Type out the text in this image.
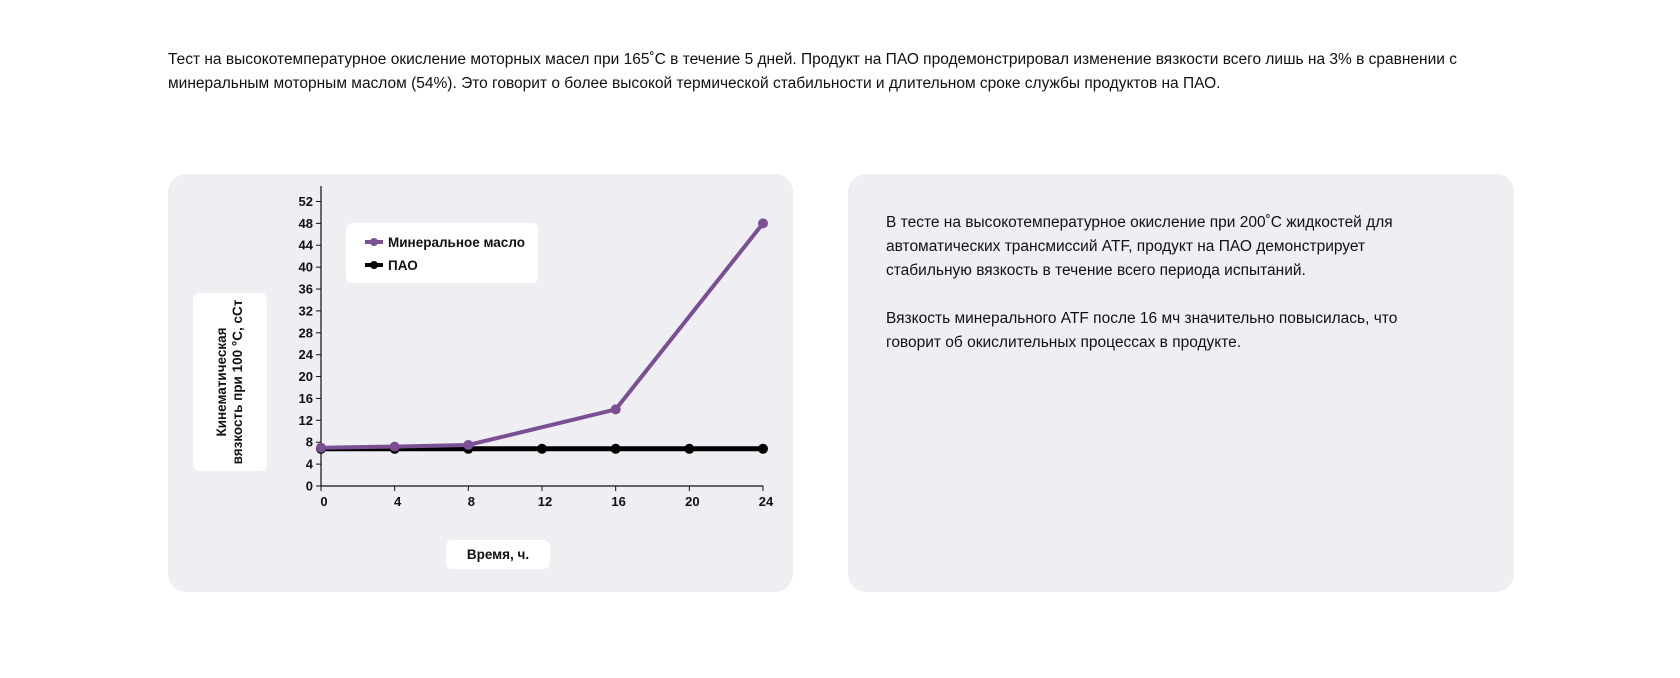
Тест на высокотемпературное окисление моторных масел при 165˚C в течение 5 дней. Продукт на ПАО продемонстрировал изменение вязкости всего лишь на 3% в сравнении с минеральным моторным маслом (54%). Это говорит о более высокой термической стабильности и длительном сроке службы продуктов на ПАО.

0
4
8
12
16
20
24
28
32
36
40
44
48
52
0	4	8	12	16	20	24
Кинематическая вязкость при 100 °C, cСт
Минеральное масло
ПАО
Время, ч.

В тесте на высокотемпературное окисление при 200˚C жидкостей для автоматических трансмиссий ATF, продукт на ПАО демонстрирует стабильную вязкость в течение всего периода испытаний.

Вязкость минерального ATF после 16 мч значительно повысилась, что говорит об окислительных процессах в продукте.
